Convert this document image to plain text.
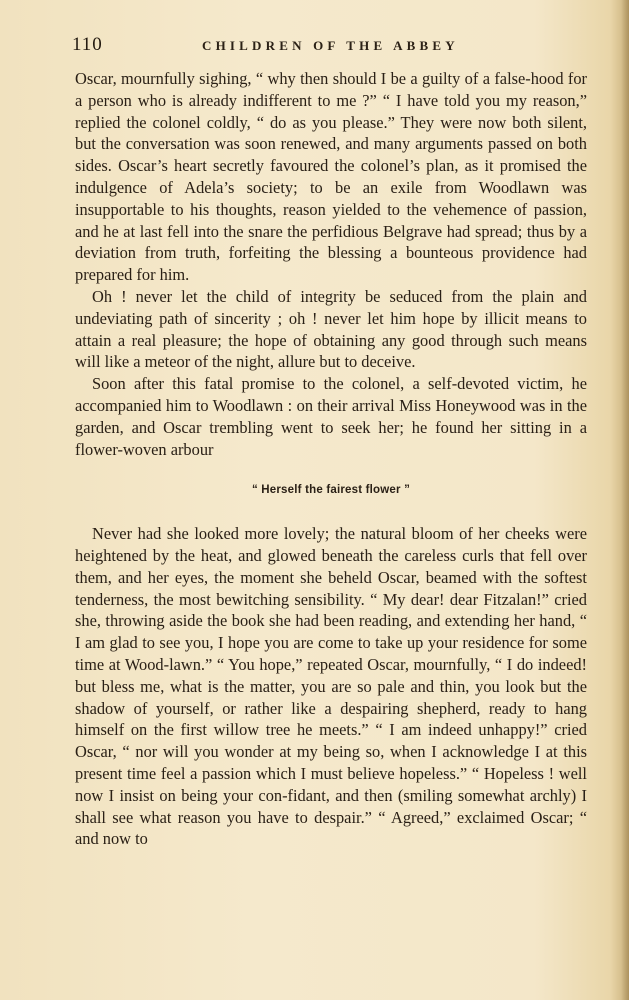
110	CHILDREN OF THE ABBEY

Oscar, mournfully sighing, “ why then should I be a guilty of a false-hood for a person who is already indifferent to me ?” “ I have told you my reason,” replied the colonel coldly, “ do as you please.” They were now both silent, but the conversation was soon renewed, and many arguments passed on both sides. Oscar’s heart secretly favoured the colonel’s plan, as it promised the indulgence of Adela’s society; to be an exile from Woodlawn was insupportable to his thoughts, reason yielded to the vehemence of passion, and he at last fell into the snare the perfidious Belgrave had spread; thus by a deviation from truth, forfeiting the blessing a bounteous providence had prepared for him.

Oh ! never let the child of integrity be seduced from the plain and undeviating path of sincerity ; oh ! never let him hope by illicit means to attain a real pleasure; the hope of obtaining any good through such means will like a meteor of the night, allure but to deceive.

Soon after this fatal promise to the colonel, a self-devoted victim, he accompanied him to Woodlawn : on their arrival Miss Honeywood was in the garden, and Oscar trembling went to seek her; he found her sitting in a flower-woven arbour

“ Herself the fairest flower ”

Never had she looked more lovely; the natural bloom of her cheeks were heightened by the heat, and glowed beneath the careless curls that fell over them, and her eyes, the moment she beheld Oscar, beamed with the softest tenderness, the most bewitching sensibility. “ My dear! dear Fitzalan!” cried she, throwing aside the book she had been reading, and extending her hand, “ I am glad to see you, I hope you are come to take up your residence for some time at Wood-lawn.” “ You hope,” repeated Oscar, mournfully, “ I do indeed! but bless me, what is the matter, you are so pale and thin, you look but the shadow of yourself, or rather like a despairing shepherd, ready to hang himself on the first willow tree he meets.” “ I am indeed unhappy!” cried Oscar, “ nor will you wonder at my being so, when I acknowledge I at this present time feel a passion which I must believe hopeless.” “ Hopeless ! well now I insist on being your con-fidant, and then (smiling somewhat archly) I shall see what reason you have to despair.” “ Agreed,” exclaimed Oscar; “ and now to
